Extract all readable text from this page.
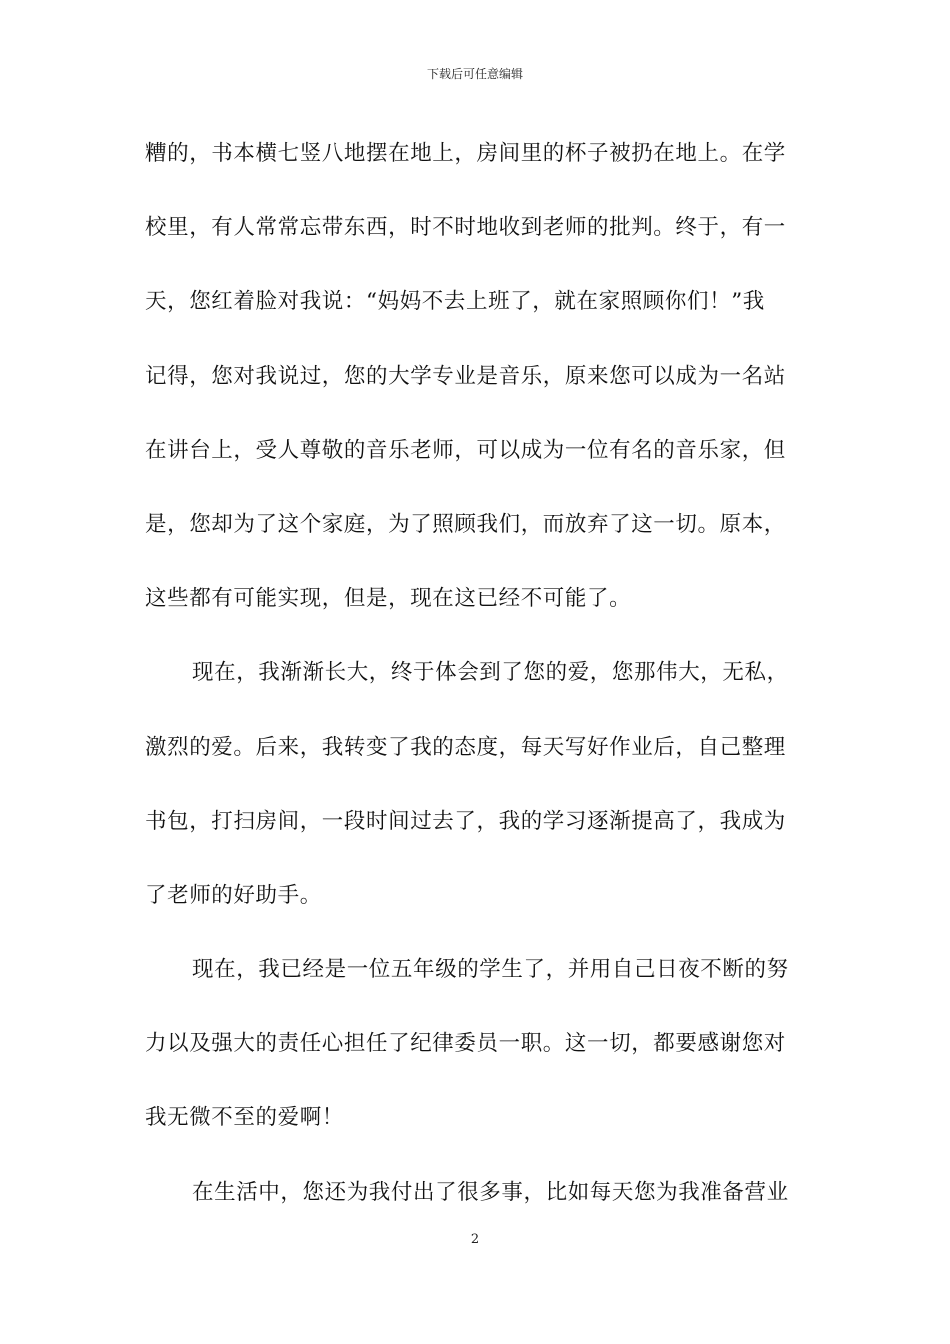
下载后可任意编辑
糟的，书本横七竖八地摆在地上，房间里的杯子被扔在地上。在学
校里，有人常常忘带东西，时不时地收到老师的批判。终于，有一
天，您红着脸对我说：“妈妈不去上班了，就在家照顾你们！”我
记得，您对我说过，您的大学专业是音乐，原来您可以成为一名站
在讲台上，受人尊敬的音乐老师，可以成为一位有名的音乐家，但
是，您却为了这个家庭，为了照顾我们，而放弃了这一切。原本，
这些都有可能实现，但是，现在这已经不可能了。
现在，我渐渐长大，终于体会到了您的爱，您那伟大，无私，
激烈的爱。后来，我转变了我的态度，每天写好作业后，自己整理
书包，打扫房间，一段时间过去了，我的学习逐渐提高了，我成为
了老师的好助手。
现在，我已经是一位五年级的学生了，并用自己日夜不断的努
力以及强大的责任心担任了纪律委员一职。这一切，都要感谢您对
我无微不至的爱啊！
在生活中，您还为我付出了很多事，比如每天您为我准备营业
2
